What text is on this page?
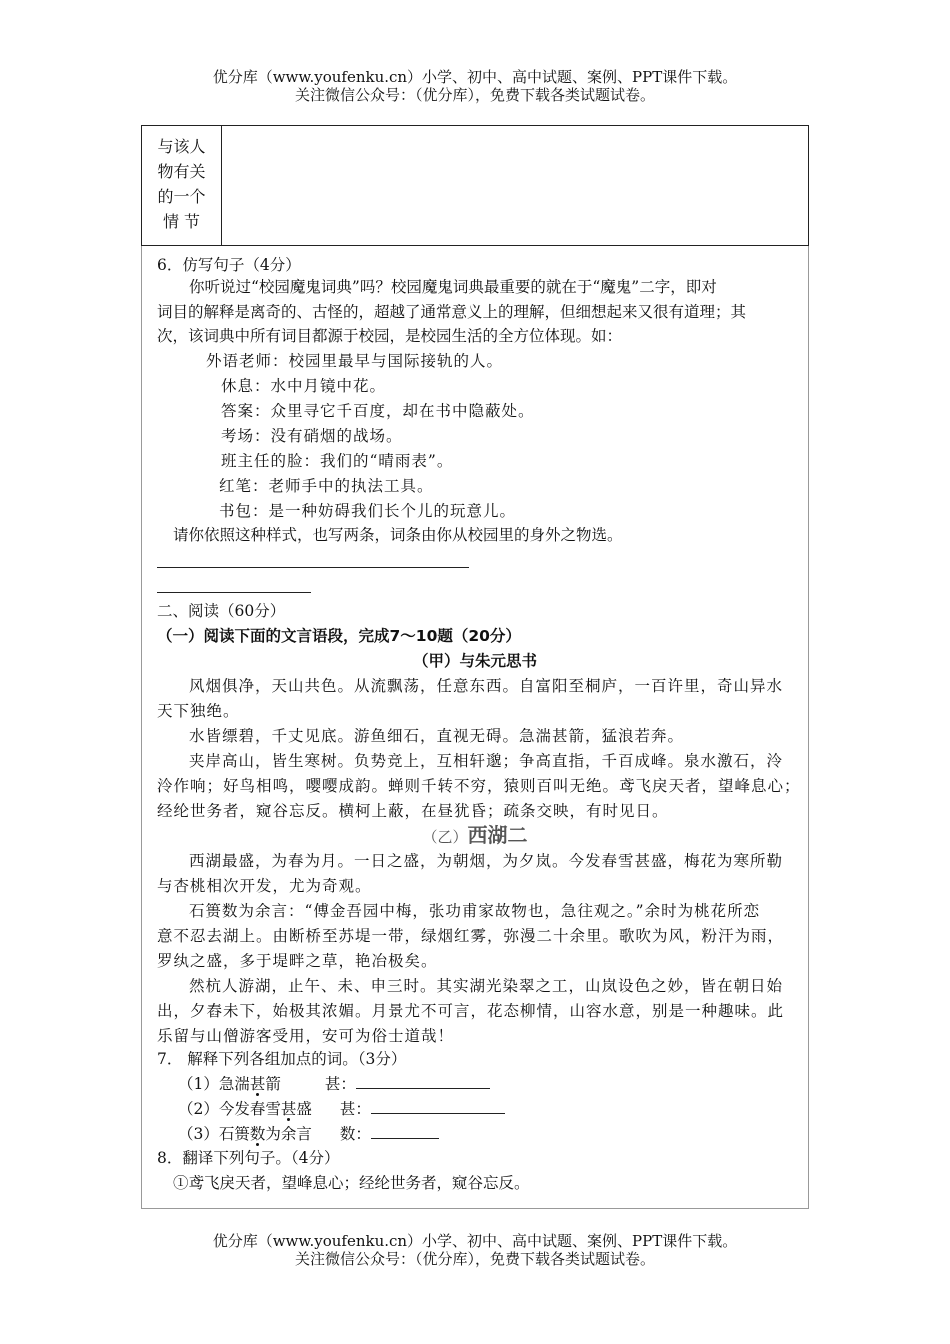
优分库（www.youfenku.cn）小学、初中、高中试题、案例、PPT课件下载。
关注微信公众号：（优分库），免费下载各类试题试卷。
与该人
物有关
的一个
情 节
6．仿写句子（4分）
你听说过“校园魔鬼词典”吗？校园魔鬼词典最重要的就在于“魔鬼”二字，即对
词目的解释是离奇的、古怪的，超越了通常意义上的理解，但细想起来又很有道理；其
次，该词典中所有词目都源于校园，是校园生活的全方位体现。如：
外语老师：校园里最早与国际接轨的人。
休息：水中月镜中花。
答案：众里寻它千百度，却在书中隐蔽处。
考场：没有硝烟的战场。
班主任的脸：我们的“晴雨表”。
红笔：老师手中的执法工具。
书包：是一种妨碍我们长个儿的玩意儿。
请你依照这种样式，也写两条，词条由你从校园里的身外之物选。
二、阅读（60分）
（一）阅读下面的文言语段，完成7～10题（20分）
（甲）与朱元思书
风烟俱净，天山共色。从流飘荡，任意东西。自富阳至桐庐，一百许里，奇山异水
天下独绝。
水皆缥碧，千丈见底。游鱼细石，直视无碍。急湍甚箭，猛浪若奔。
夹岸高山，皆生寒树。负势竞上，互相轩邈；争高直指，千百成峰。泉水激石，泠
泠作响；好鸟相鸣，嘤嘤成韵。蝉则千转不穷，猿则百叫无绝。鸢飞戾天者，望峰息心；
经纶世务者，窥谷忘反。横柯上蔽，在昼犹昏；疏条交映，有时见日。
（乙）西湖二
西湖最盛，为春为月。一日之盛，为朝烟，为夕岚。今发春雪甚盛，梅花为寒所勒
与杏桃相次开发，尤为奇观。
石篑数为余言：“傅金吾园中梅，张功甫家故物也，急往观之。”余时为桃花所恋
意不忍去湖上。由断桥至苏堤一带，绿烟红雾，弥漫二十余里。歌吹为风，粉汗为雨，
罗纨之盛，多于堤畔之草，艳冶极矣。
然杭人游湖，止午、未、申三时。其实湖光染翠之工，山岚设色之妙，皆在朝日始
出，夕舂未下，始极其浓媚。月景尤不可言，花态柳情，山容水意，别是一种趣味。此
乐留与山僧游客受用，安可为俗士道哉！
7． 解释下列各组加点的词。（3分）
（1）急湍甚箭	甚：
（2）今发春雪甚盛 甚：
（3）石篑数为余言 数：
8．翻译下列句子。（4分）
①鸢飞戾天者，望峰息心；经纶世务者，窥谷忘反。
优分库（www.youfenku.cn）小学、初中、高中试题、案例、PPT课件下载。
关注微信公众号：（优分库），免费下载各类试题试卷。
